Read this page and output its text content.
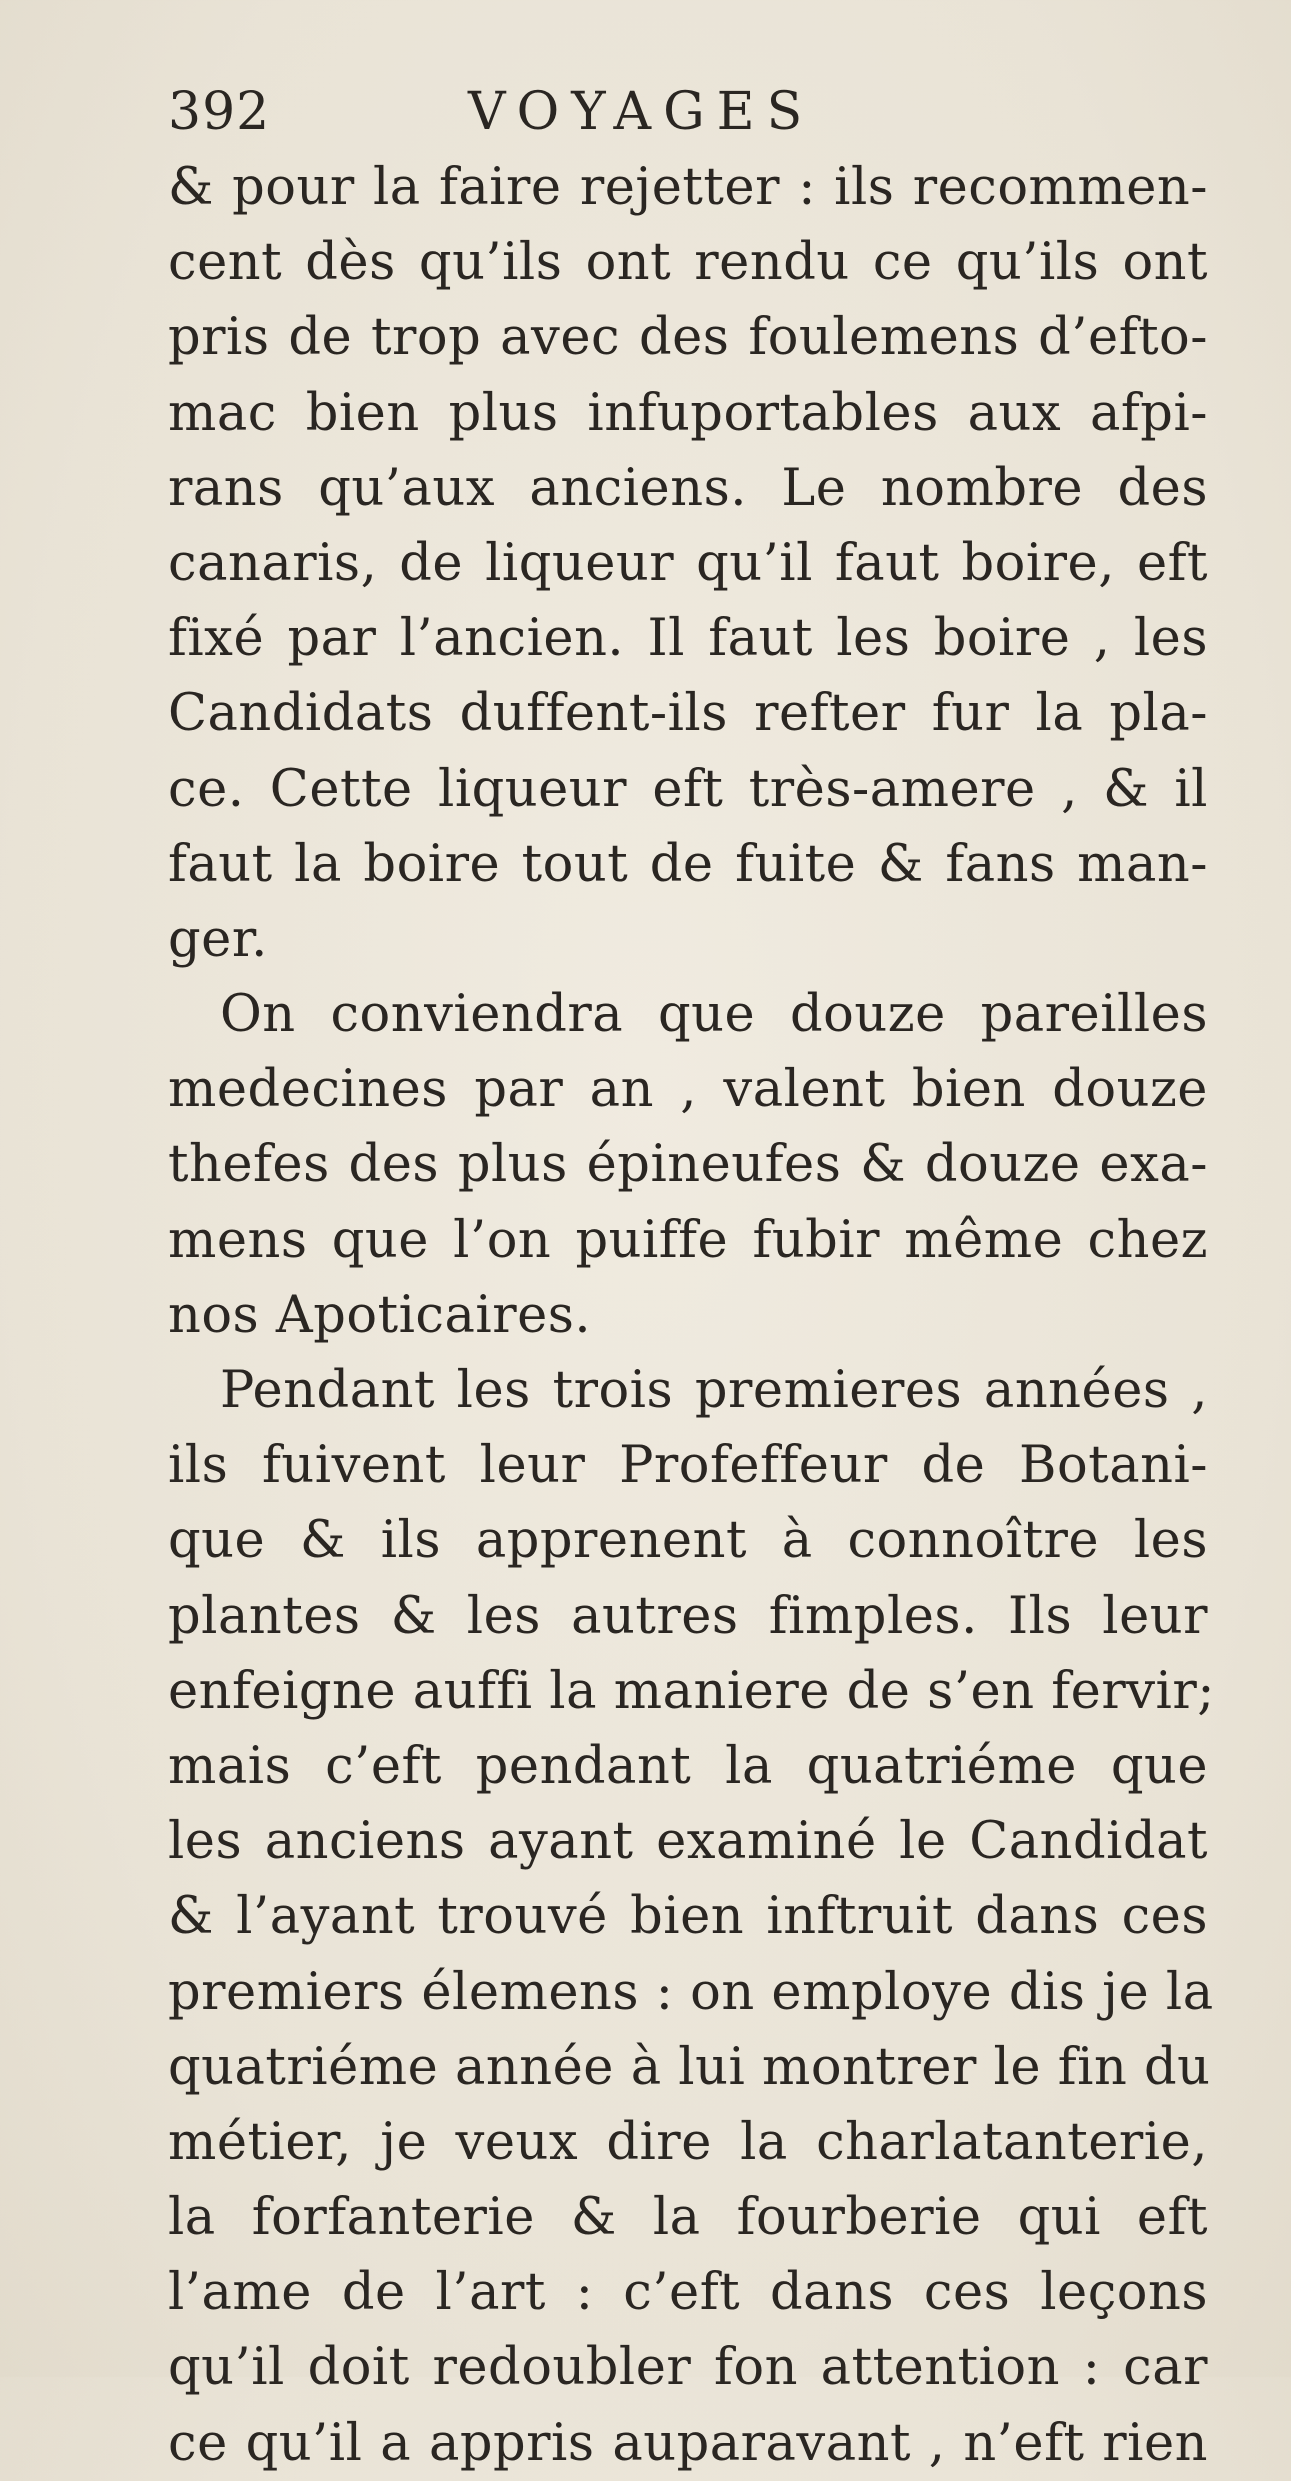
392	VOYAGES
& pour la faire rejetter : ils recommen-
cent dès qu’ils ont rendu ce qu’ils ont
pris de trop avec des foulemens d’efto-
mac bien plus infuportables aux afpi-
rans qu’aux anciens. Le nombre des
canaris, de liqueur qu’il faut boire, eft
fixé par l’ancien. Il faut les boire , les
Candidats duffent-ils refter fur la pla-
ce. Cette liqueur eft très-amere , & il
faut la boire tout de fuite & fans man-
ger.
On conviendra que douze pareilles
medecines par an , valent bien douze
thefes des plus épineufes & douze exa-
mens que l’on puiffe fubir même chez
nos Apoticaires.
Pendant les trois premieres années ,
ils fuivent leur Profeffeur de Botani-
que & ils apprenent à connoître les
plantes & les autres fimples. Ils leur
enfeigne auffi la maniere de s’en fervir;
mais c’eft pendant la quatriéme que
les anciens ayant examiné le Candidat
& l’ayant trouvé bien inftruit dans ces
premiers élemens : on employe dis je la
quatriéme année à lui montrer le fin du
métier, je veux dire la charlatanterie,
la forfanterie & la fourberie qui eft
l’ame de l’art : c’eft dans ces leçons
qu’il doit redoubler fon attention : car
ce qu’il a appris auparavant , n’eft rien
